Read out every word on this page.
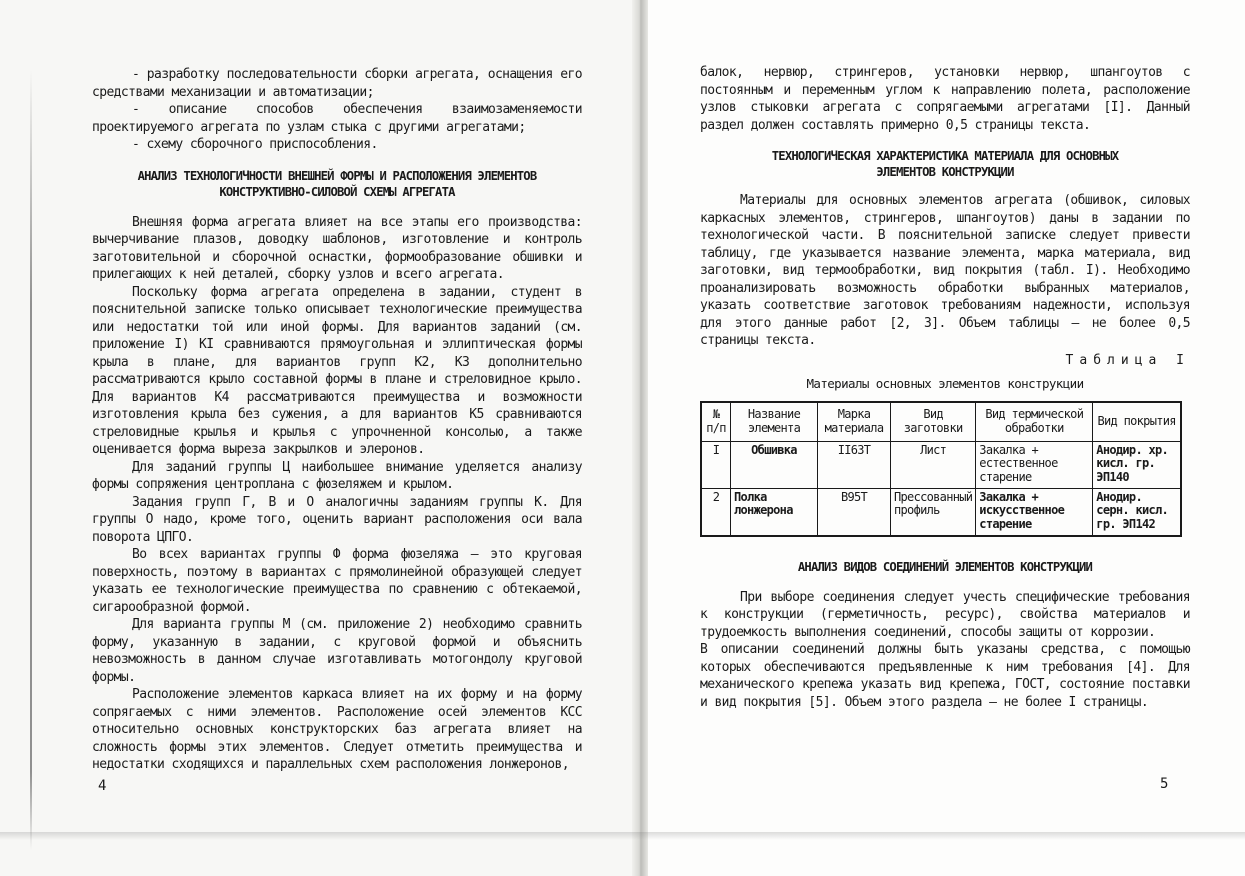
- разработку последовательности сборки агрегата, оснащения его средствами механизации и автоматизации;

- описание способов обеспечения взаимозаменяемости проектируемого агрегата по узлам стыка с другими агрегатами;

- схему сборочного приспособления.

АНАЛИЗ ТЕХНОЛОГИЧНОСТИ ВНЕШНЕЙ ФОРМЫ И РАСПОЛОЖЕНИЯ ЭЛЕМЕНТОВ КОНСТРУКТИВНО-СИЛОВОЙ СХЕМЫ АГРЕГАТА

Внешняя форма агрегата влияет на все этапы его производства: вычерчивание плазов, доводку шаблонов, изготовление и контроль заготовительной и сборочной оснастки, формообразование обшивки и прилегающих к ней деталей, сборку узлов и всего агрегата.

Поскольку форма агрегата определена в задании, студент в пояснительной записке только описывает технологические преимущества или недостатки той или иной формы. Для вариантов заданий (см. приложение I) KI сравниваются прямоугольная и эллиптическая формы крыла в плане, для вариантов групп К2, К3 дополнительно рассматриваются крыло составной формы в плане и стреловидное крыло. Для вариантов К4 рассматриваются преимущества и возможности изготовления крыла без сужения, а для вариантов К5 сравниваются стреловидные крылья и крылья с упрочненной консолью, а также оценивается форма выреза закрылков и элеронов.

Для заданий группы Ц наибольшее внимание уделяется анализу формы сопряжения центроплана с фюзеляжем и крылом.

Задания групп Г, В и О аналогичны заданиям группы К. Для группы О надо, кроме того, оценить вариант расположения оси вала поворота ЦПГО.

Во всех вариантах группы Ф форма фюзеляжа – это круговая поверхность, поэтому в вариантах с прямолинейной образующей следует указать ее технологические преимущества по сравнению с обтекаемой, сигарообразной формой.

Для варианта группы М (см. приложение 2) необходимо сравнить форму, указанную в задании, с круговой формой и объяснить невозможность в данном случае изготавливать мотогондолу круговой формы.

Расположение элементов каркаса влияет на их форму и на форму сопрягаемых с ними элементов. Расположение осей элементов КСС относительно основных конструкторских баз агрегата влияет на сложность формы этих элементов. Следует отметить преимущества и недостатки сходящихся и параллельных схем расположения лонжеронов,

4

балок, нервюр, стрингеров, установки нервюр, шпангоутов с постоянным и переменным углом к направлению полета, расположение узлов стыковки агрегата с сопрягаемыми агрегатами [I]. Данный раздел должен составлять примерно 0,5 страницы текста.

ТЕХНОЛОГИЧЕСКАЯ ХАРАКТЕРИСТИКА МАТЕРИАЛА ДЛЯ ОСНОВНЫХ ЭЛЕМЕНТОВ КОНСТРУКЦИИ

Материалы для основных элементов агрегата (обшивок, силовых каркасных элементов, стрингеров, шпангоутов) даны в задании по технологической части. В пояснительной записке следует привести таблицу, где указывается название элемента, марка материала, вид заготовки, вид термообработки, вид покрытия (табл. I). Необходимо проанализировать возможность обработки выбранных материалов, указать соответствие заготовок требованиям надежности, используя для этого данные работ [2, 3]. Объем таблицы – не более 0,5 страницы текста.

Таблица I

Материалы основных элементов конструкции

№ п/п	Название элемента	Марка материала	Вид заготовки	Вид термической обработки	Вид покрытия
I	Обшивка	II63T	Лист	Закалка + естественное старение	Анодир. хр. кисл. гр. ЭП140
2	Полка лонжерона	В95Т	Прессованный профиль	Закалка + искусственное старение	Анодир. серн. кисл. гр. ЭП142

АНАЛИЗ ВИДОВ СОЕДИНЕНИЙ ЭЛЕМЕНТОВ КОНСТРУКЦИИ

При выборе соединения следует учесть специфические требования к конструкции (герметичность, ресурс), свойства материалов и трудоемкость выполнения соединений, способы защиты от коррозии.

В описании соединений должны быть указаны средства, с помощью которых обеспечиваются предъявленные к ним требования [4]. Для механического крепежа указать вид крепежа, ГОСТ, состояние поставки и вид покрытия [5]. Объем этого раздела – не более I страницы.

5
